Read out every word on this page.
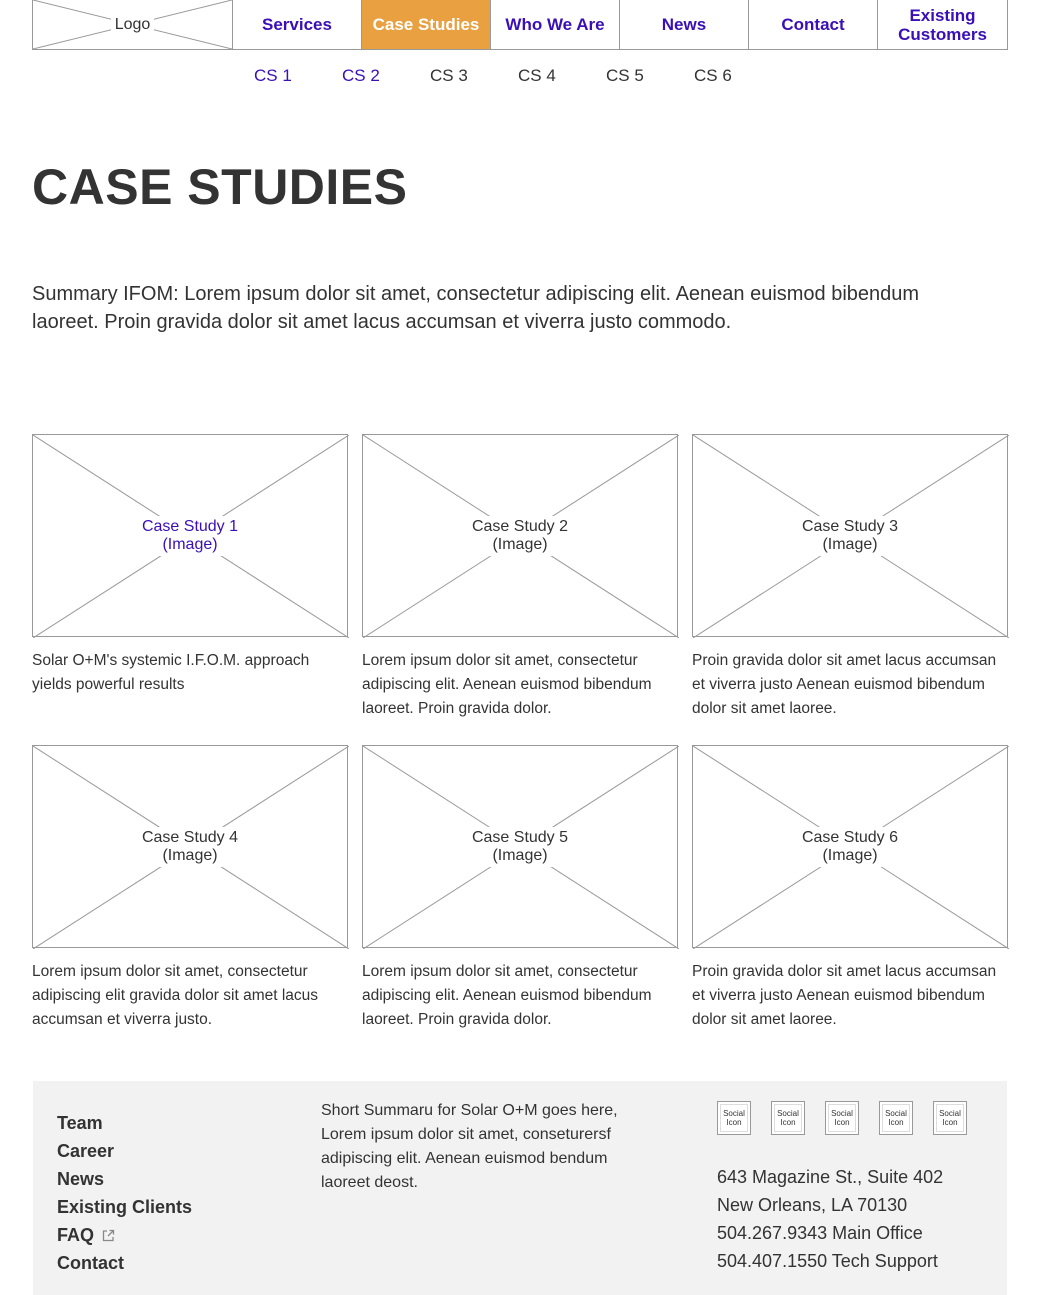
Logo	Services	Case Studies	Who We Are	News	Contact	Existing Customers
CS 1	CS 2	CS 3	CS 4	CS 5	CS 6
CASE STUDIES

Summary IFOM: Lorem ipsum dolor sit amet, consectetur adipiscing elit. Aenean euismod bibendum laoreet. Proin gravida dolor sit amet lacus accumsan et viverra justo commodo.

Case Study 1
(Image)

Solar O+M's systemic I.F.O.M. approach yields powerful results

Case Study 2
(Image)

Lorem ipsum dolor sit amet, consectetur adipiscing elit. Aenean euismod bibendum laoreet. Proin gravida dolor.

Case Study 3
(Image)

Proin gravida dolor sit amet lacus accumsan et viverra justo Aenean euismod bibendum dolor sit amet laoree.

Case Study 4
(Image)

Lorem ipsum dolor sit amet, consectetur adipiscing elit gravida dolor sit amet lacus accumsan et viverra justo.

Case Study 5
(Image)

Lorem ipsum dolor sit amet, consectetur adipiscing elit. Aenean euismod bibendum laoreet. Proin gravida dolor.

Case Study 6
(Image)

Proin gravida dolor sit amet lacus accumsan et viverra justo Aenean euismod bibendum dolor sit amet laoree.

Team
Career
News
Existing Clients
FAQ
Contact

Short Summaru for Solar O+M goes here, Lorem ipsum dolor sit amet, conseturersf adipiscing elit. Aenean euismod bendum laoreet deost.

Social Icon
Social Icon
Social Icon
Social Icon
Social Icon
643 Magazine St., Suite 402
New Orleans, LA 70130
504.267.9343 Main Office
504.407.1550 Tech Support
